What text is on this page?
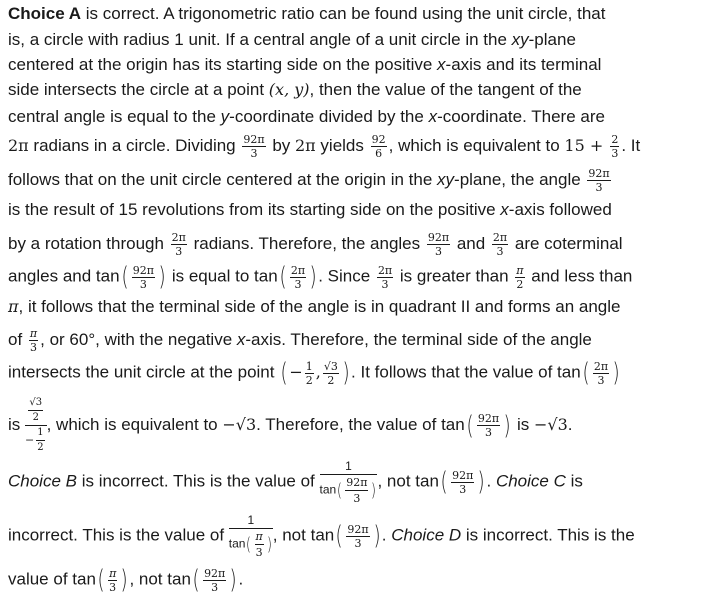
Choice A is correct. A trigonometric ratio can be found using the unit circle, that
is, a circle with radius 1 unit. If a central angle of a unit circle in the xy-plane
centered at the origin has its starting side on the positive x-axis and its terminal
side intersects the circle at a point (x, y), then the value of the tangent of the
central angle is equal to the y-coordinate divided by the x-coordinate. There are
2π radians in a circle. Dividing $\frac{92\pi}{3}$ by 2π yields $\frac{92}{6}$ , which is equivalent to $15 + \frac{2}{3}$ . It
follows that on the unit circle centered at the origin in the xy-plane, the angle $\frac{92\pi}{3}$
is the result of 15 revolutions from its starting side on the positive x-axis followed
by a rotation through $\frac{2\pi}{3}$ radians. Therefore, the angles $\frac{92\pi}{3}$ and $\frac{2\pi}{3}$ are coterminal
angles and $\tan( \frac{92\pi}{3}$ ) is equal to $\tan( \frac{2\pi}{3}$ ). Since $\frac{2\pi}{3}$ is greater than $\frac{\pi}{2}$ and less than
π, it follows that the terminal side of the angle is in quadrant II and forms an angle
of $\frac{\pi}{3}$ , or 60°, with the negative x-axis. Therefore, the terminal side of the angle
intersects the unit circle at the point (− $\frac{1}{2}$ , $\frac{√3}{2}$ ). It follows that the value of $\tan( \frac{2\pi}{3}$ )
is $\frac{\frac{√3}{2}}{- \frac{1}{2}}$ , which is equivalent to −√3. Therefore, the value of $\tan( \frac{92\pi}{3}$ ) is −√3.
Choice B is incorrect. This is the value of $\frac{1}{\tan( \frac{92\pi}{3} )}$ , not $\tan( \frac{92\pi}{3}$ ). Choice C is
incorrect. This is the value of $\frac{1}{\tan( \frac{\pi}{3} )}$ , not $\tan( \frac{92\pi}{3}$ ). Choice D is incorrect. This is the
value of $\tan( \frac{\pi}{3}$ ), not $\tan( \frac{92\pi}{3}$ ).
